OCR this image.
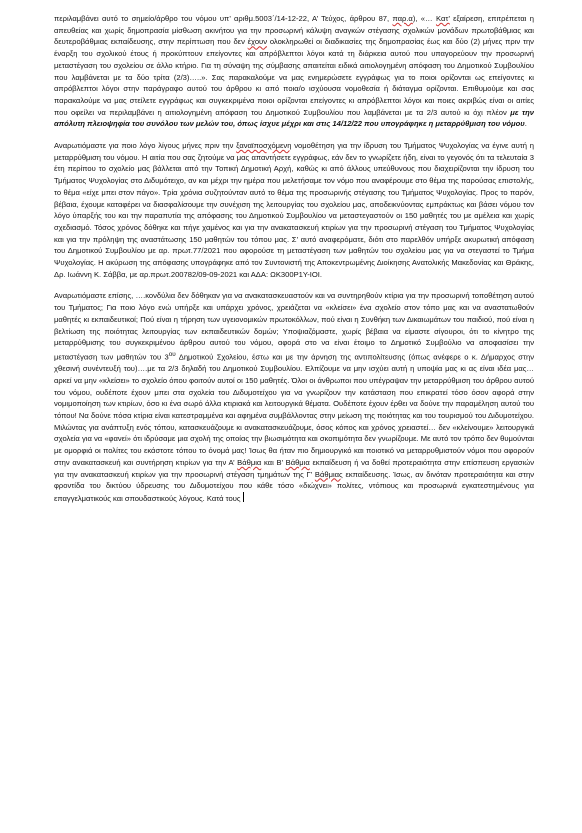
περιλαμβάνει αυτό το σημείο/άρθρο του νόμου υπ’ αριθμ.5003΄/14-12-22, Α’ Τεύχος, άρθρου 87, παρ.α), «… Κατ’ εξαίρεση, επιτρέπεται η απευθείας και χωρίς δημοπρασία μίσθωση ακινήτου για την προσωρινή κάλυψη αναγκών στέγασης σχολικών μονάδων πρωτοβάθμιας και δευτεροβάθμιας εκπαίδευσης, στην περίπτωση που δεν έχουν ολοκληρωθεί οι διαδικασίες της δημοπρασίας έως και δύο (2) μήνες πριν την έναρξη του σχολικού έτους ή προκύπτουν επείγοντες και απρόβλεπτοι λόγοι κατά τη διάρκεια αυτού που υπαγορεύουν την προσωρινή μεταστέγαση του σχολείου σε άλλο κτήριο. Για τη σύναψη της σύμβασης απαιτείται ειδικά αιτιολογημένη απόφαση του Δημοτικού Συμβουλίου που λαμβάνεται με τα δύο τρίτα (2/3)…..». Σας παρακαλούμε να μας ενημερώσετε εγγράφως για το ποιοι ορίζονται ως επείγοντες κι απρόβλεπτοι λόγοι στην παράγραφο αυτού του άρθρου κι από ποια/ο ισχύουσα νομοθεσία ή διάταγμα ορίζονται. Επιθυμούμε και σας παρακαλούμε να μας στείλετε εγγράφως και συγκεκριμένα ποιοι ορίζονται επείγοντες κι απρόβλεπτοι λόγοι και ποιες ακριβώς είναι οι αιτίες που οφείλει να περιλαμβάνει η αιτιολογημένη απόφαση του Δημοτικού Συμβουλίου που λαμβάνεται με τα 2/3 αυτού κι όχι πλέον με την απόλυτη πλειοψηφία του συνόλου των μελών του, όπως ίσχυε μέχρι και στις 14/12/22 που υπογράφηκε η μεταρρύθμιση του νόμου.

Αναρωτιόμαστε για ποιο λόγο λίγους μήνες πριν την ξαναϊποσχόμενη νομοθέτηση για την ίδρυση του Τμήματος Ψυχολογίας να έγινε αυτή η μεταρρύθμιση του νόμου. Η αιτία που σας ζητούμε να μας απαντήσετε εγγράφως, εάν δεν το γνωρίζετε ήδη, είναι το γεγονός ότι τα τελευταία 3 έτη περίπου το σχολείο μας βάλλεται από την Τοπική Δημοτική Αρχή, καθώς κι από άλλους υπεύθυνους που διαχειρίζονται την ίδρυση του Τμήματος Ψυχολογίας στο Διδυμότειχο, αν και μέχρι την ημέρα που μελετήσαμε τον νόμο που αναφέρουμε στο θέμα της παρούσας επιστολής, το θέμα «είχε μπει στον πάγο». Τρία χρόνια συζητούνταν αυτό το θέμα της προσωρινής στέγασης του Τμήματος Ψυχολογίας. Προς το παρόν, βέβαια, έχουμε καταφέρει να διασφαλίσουμε την συνέχιση της λειτουργίας του σχολείου μας, αποδεικνύοντας εμπράκτως και βάσει νόμου τον λόγο ύπαρξής του και την παραπυτία της απόφασης του Δημοτικού Συμβουλίου να μεταστεγαστούν οι 150 μαθητές του με αμέλεια και χωρίς σχεδιασμό. Τόσος χρόνος δόθηκε και πήγε χαμένος και για την ανακατασκευή κτιρίων για την προσωρινή στέγαση του Τμήματος Ψυχολογίας και για την πρόληψη της αναστάτωσης 150 μαθητών του τόπου μας. Σ’ αυτό αναφερόματε, διότι στο παρελθόν υπήρξε ακυρωτική απόφαση του Δημοτικού Συμβουλίου με αρ. πρωτ.77/2021 που αφορούσε τη μεταστέγαση των μαθητών του σχολείου μας για να στεγαστεί το Τμήμα Ψυχολογίας. Η ακύρωση της απόφασης υπογράφηκε από τον Συντονιστή της Αποκεντρωμένης Διοίκησης Ανατολικής Μακεδονίας και Θράκης, Δρ. Ιωάννη Κ. Σάββα, με αρ.πρωτ.200782/09-09-2021 και ΑΔΑ: ΩΚ300Ρ1Υ-ΙΟΙ.

Αναρωτιόμαστε επίσης, ….κονδύλια δεν δόθηκαν για να ανακατασκευαστούν και να συντηρηθούν κτίρια για την προσωρινή τοποθέτηση αυτού του Τμήματος; Για ποιο λόγο ενώ υπήρξε και υπάρχει χρόνος, χρειάζεται να «κλείσει» ένα σχολείο στον τόπο μας και να αναστατωθούν μαθητές κι εκπαιδευτικοί; Πού είναι η τήρηση των υγειονομικών πρωτοκόλλων, πού είναι η Συνθήκη των Δικαιωμάτων του παιδιού, πού είναι η βελτίωση της ποιότητας λειτουργίας των εκπαιδευτικών δομών; Υποψιαζόμαστε, χωρίς βέβαια να είμαστε σίγουροι, ότι το κίνητρο της μεταρρύθμισης του συγκεκριμένου άρθρου αυτού του νόμου, αφορά στο να είναι έτοιμο το Δημοτικό Συμβούλιο να αποφασίσει την μεταστέγαση των μαθητών του $3^{o\upsilon}$ Δημοτικού Σχολείου, έστω και με την άρνηση της αντιπολίτευσης (όπως ανέφερε ο κ. Δήμαρχος στην χθεσινή συνέντευξή του)….με τα 2/3 δηλαδή του Δημοτικού Συμβουλίου. Ελπίζουμε να μην ισχύει αυτή η υποψία μας κι ας είναι ιδέα μας… αρκεί να μην «κλείσει» το σχολείο όπου φοιτούν αυτοί οι 150 μαθητές. Όλοι οι άνθρωποι που υπέγραψαν την μεταρρύθμιση του άρθρου αυτού του νόμου, ουδέποτε έχουν μπει στα σχολεία του Διδυμοτείχου για να γνωρίζουν την κατάσταση που επικρατεί τόσο όσον αφορά στην νομιμοποίηση των κτιρίων, όσο κι ένα σωρό άλλα κτιριακά και λειτουργικά θέματα. Ουδέποτε έχουν έρθει να δούνε την παραμέληση αυτού του τόπου! Να δούνε πόσα κτίρια είναι κατεστραμμένα και αφημένα συμβάλλοντας στην μείωση της ποιότητας και του τουρισμού του Διδυμοτείχου. Μιλώντας για ανάπτυξη ενός τόπου, κατασκευάζουμε κι ανακατασκευάζουμε, όσος κόπος και χρόνος χρειαστεί… δεν «κλείνουμε» λειτουργικά σχολεία για να «φανεί» ότι ιδρύσαμε μια σχολή της οποίας την βιωσιμότητα και σκοπιμότητα δεν γνωρίζουμε. Με αυτό τον τρόπο δεν θυμούνται με ομορφιά οι πολίτες του εκάστοτε τόπου το όνομά μας! Ίσως θα ήταν πιο δημιουργικό και ποιοτικό να μεταρρυθμιστούν νόμοι που αφορούν στην ανακατασκευή και συντήρηση κτιρίων για την Α’ Βάθμια και Β’ Βάθμια εκπαίδευση ή να δοθεί προτεραιότητα στην επίσπευση εργασιών για την ανακατασκευή κτιρίων για την προσωρινή στέγαση τμημάτων της Γ’ Βάθμιας εκπαίδευσης. Ίσως, αν δινόταν προτεραιότητα και στην φροντίδα του δικτύου ύδρευσης του Διδυμοτείχου που κάθε τόσο «διώχνει» πολίτες, ντόπιους και προσωρινά εγκατεστημένους για επαγγελματικούς και σπουδαστικούς λόγους. Κατά τους
